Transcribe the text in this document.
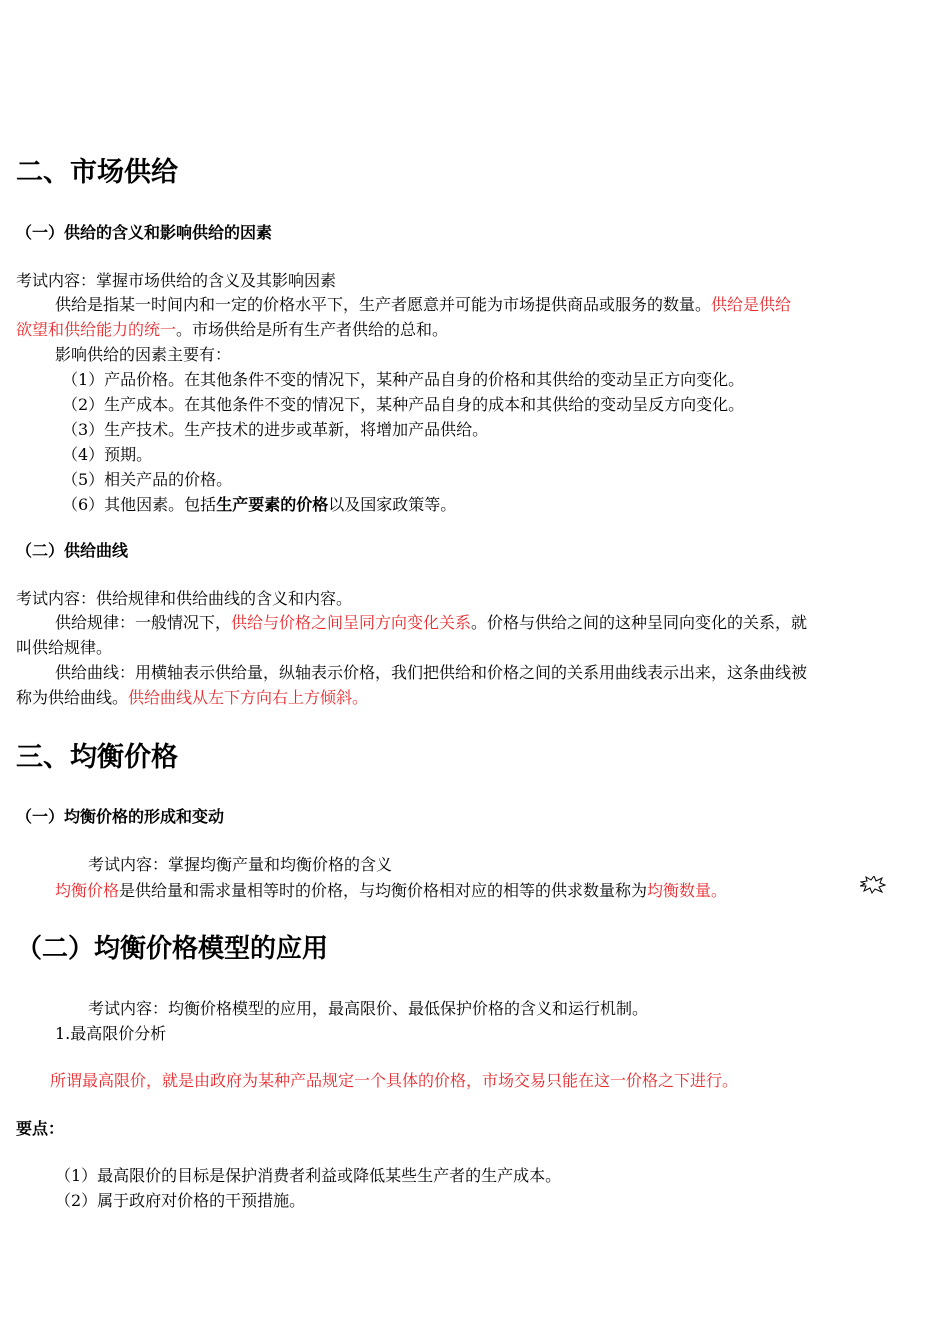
二、市场供给
（一）供给的含义和影响供给的因素
考试内容：掌握市场供给的含义及其影响因素
供给是指某一时间内和一定的价格水平下，生产者愿意并可能为市场提供商品或服务的数量。供给是供给
欲望和供给能力的统一。市场供给是所有生产者供给的总和。
影响供给的因素主要有：
（1）产品价格。在其他条件不变的情况下，某种产品自身的价格和其供给的变动呈正方向变化。
（2）生产成本。在其他条件不变的情况下，某种产品自身的成本和其供给的变动呈反方向变化。
（3）生产技术。生产技术的进步或革新，将增加产品供给。
（4）预期。
（5）相关产品的价格。
（6）其他因素。包括生产要素的价格以及国家政策等。
（二）供给曲线
考试内容：供给规律和供给曲线的含义和内容。
供给规律：一般情况下，供给与价格之间呈同方向变化关系。价格与供给之间的这种呈同向变化的关系，就
叫供给规律。
供给曲线：用横轴表示供给量，纵轴表示价格，我们把供给和价格之间的关系用曲线表示出来，这条曲线被
称为供给曲线。供给曲线从左下方向右上方倾斜。
三、均衡价格
（一）均衡价格的形成和变动
考试内容：掌握均衡产量和均衡价格的含义
均衡价格是供给量和需求量相等时的价格，与均衡价格相对应的相等的供求数量称为均衡数量。
（二）均衡价格模型的应用
考试内容：均衡价格模型的应用，最高限价、最低保护价格的含义和运行机制。
1.最高限价分析
所谓最高限价，就是由政府为某种产品规定一个具体的价格，市场交易只能在这一价格之下进行。
要点：
（1）最高限价的目标是保护消费者利益或降低某些生产者的生产成本。
（2）属于政府对价格的干预措施。
